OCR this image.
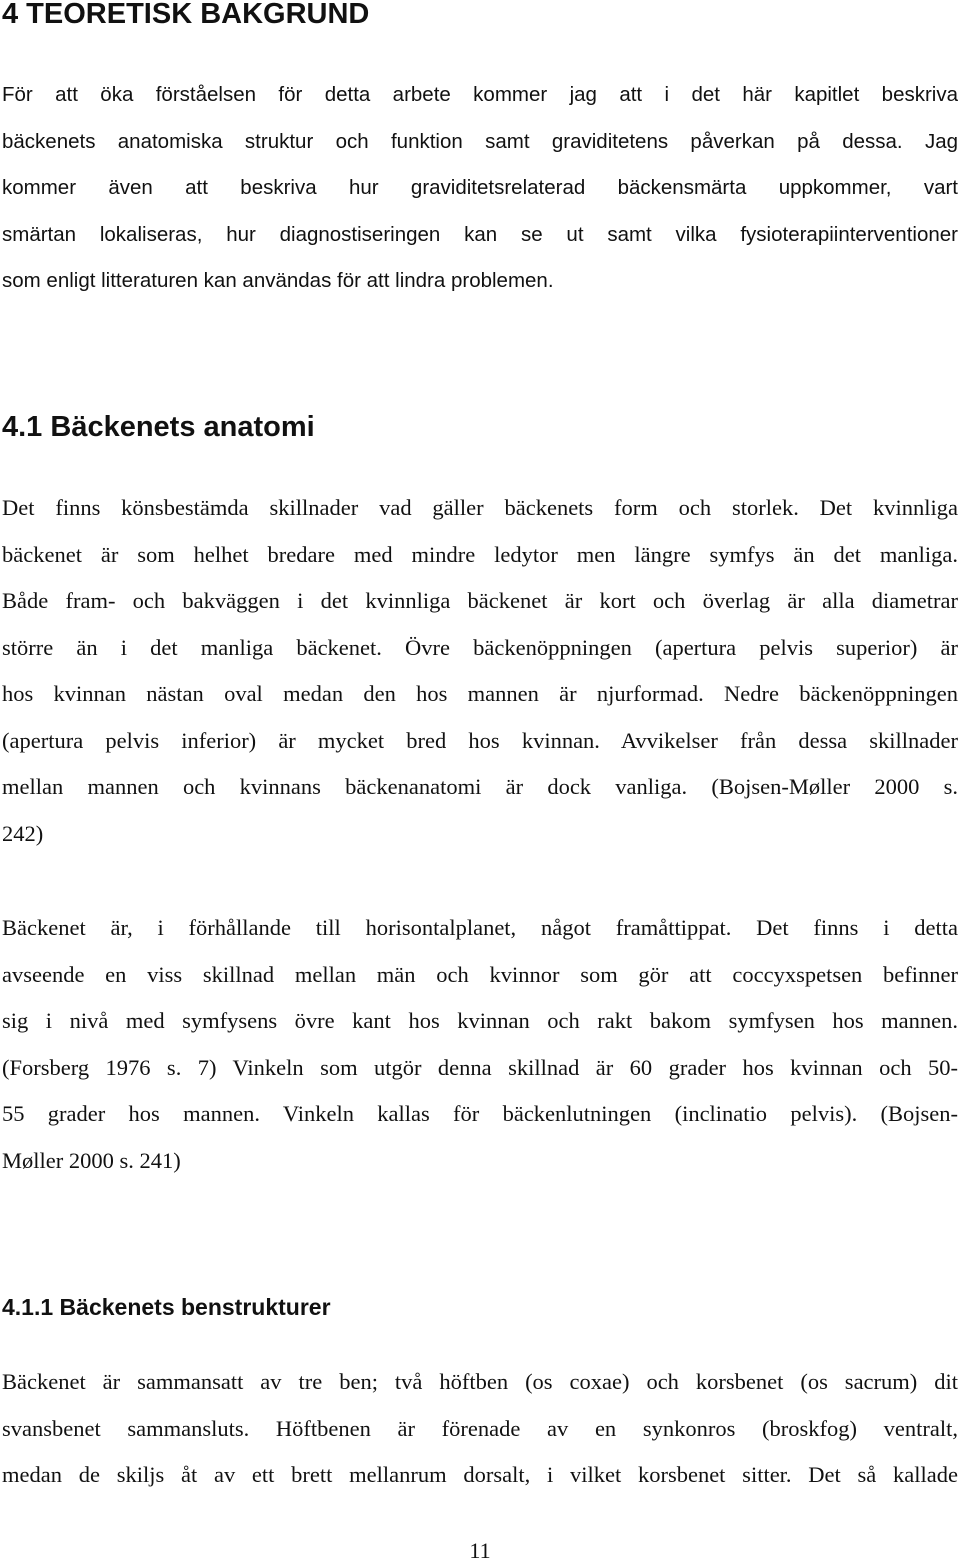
4 TEORETISK BAKGRUND
För att öka förståelsen för detta arbete kommer jag att i det här kapitlet beskriva
bäckenets anatomiska struktur och funktion samt graviditetens påverkan på dessa. Jag
kommer även att beskriva hur graviditetsrelaterad bäckensmärta uppkommer, vart
smärtan lokaliseras, hur diagnostiseringen kan se ut samt vilka fysioterapiinterventioner
som enligt litteraturen kan användas för att lindra problemen.
4.1 Bäckenets anatomi
Det finns könsbestämda skillnader vad gäller bäckenets form och storlek. Det kvinnliga
bäckenet är som helhet bredare med mindre ledytor men längre symfys än det manliga.
Både fram- och bakväggen i det kvinnliga bäckenet är kort och överlag är alla diametrar
större än i det manliga bäckenet. Övre bäckenöppningen (apertura pelvis superior) är
hos kvinnan nästan oval medan den hos mannen är njurformad. Nedre bäckenöppningen
(apertura pelvis inferior) är mycket bred hos kvinnan. Avvikelser från dessa skillnader
mellan mannen och kvinnans bäckenanatomi är dock vanliga. (Bojsen-Møller 2000 s.
242)
Bäckenet är, i förhållande till horisontalplanet, något framåttippat. Det finns i detta
avseende en viss skillnad mellan män och kvinnor som gör att coccyxspetsen befinner
sig i nivå med symfysens övre kant hos kvinnan och rakt bakom symfysen hos mannen.
(Forsberg 1976 s. 7) Vinkeln som utgör denna skillnad är 60 grader hos kvinnan och 50-
55 grader hos mannen. Vinkeln kallas för bäckenlutningen (inclinatio pelvis). (Bojsen-
Møller 2000 s. 241)
4.1.1 Bäckenets benstrukturer
Bäckenet är sammansatt av tre ben; två höftben (os coxae) och korsbenet (os sacrum) dit
svansbenet sammansluts. Höftbenen är förenade av en synkonros (broskfog) ventralt,
medan de skiljs åt av ett brett mellanrum dorsalt, i vilket korsbenet sitter. Det så kallade
11
